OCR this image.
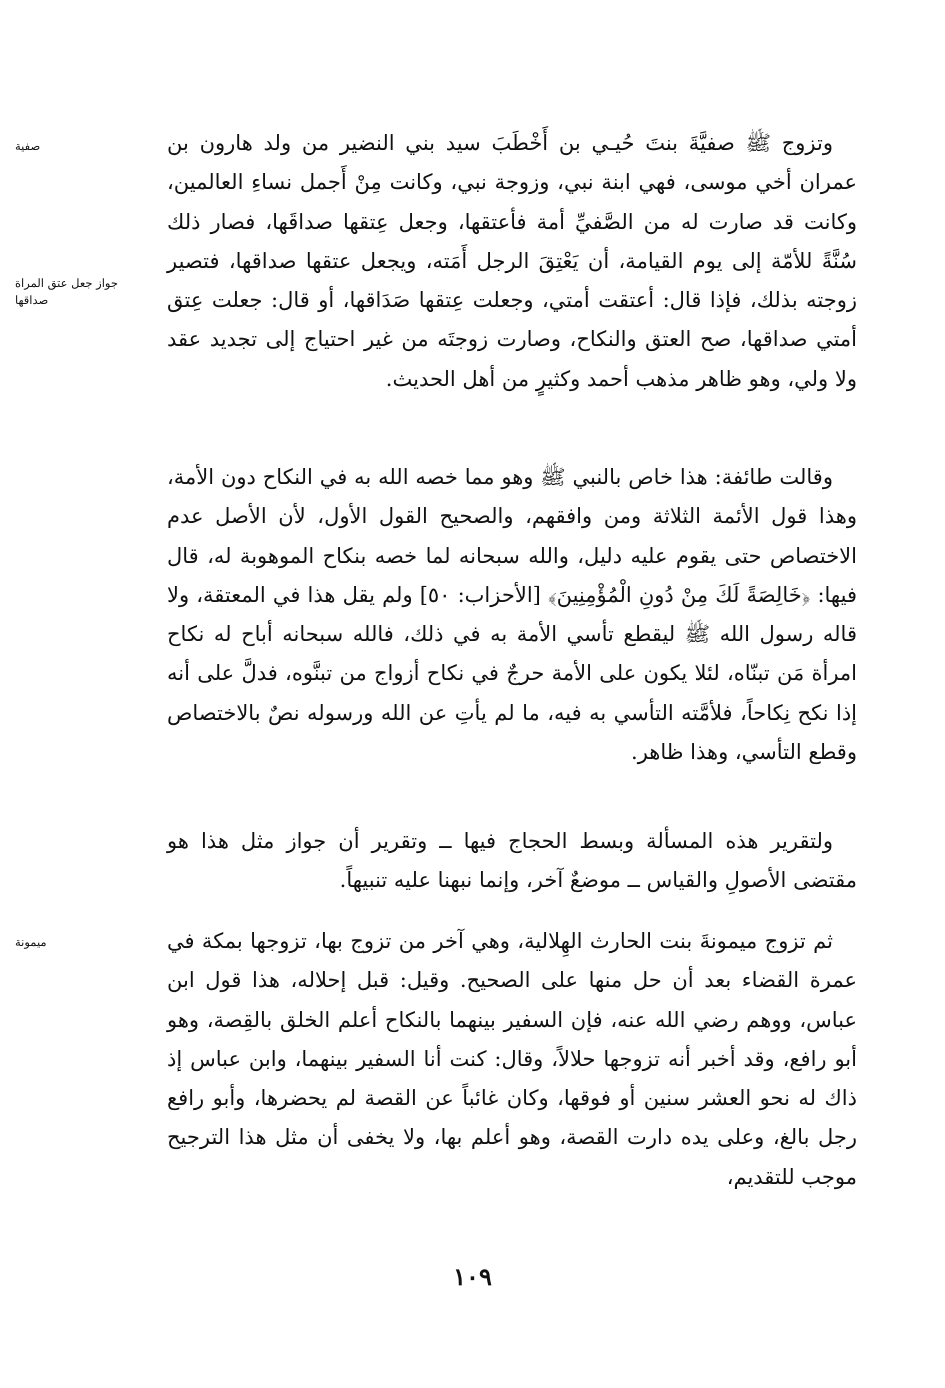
صفية
جواز جعل عتق المراة
صداقها
ميمونة

وتزوج ﷺ صفيَّةَ بنتَ حُيـي بن أَخْطَبَ سيد بني النضير من ولد هارون بن عمران أخي موسى، فهي ابنة نبي، وزوجة نبي، وكانت مِنْ أَجمل نساءِ العالمين، وكانت قد صارت له من الصَّفيِّ أمة فأعتقها، وجعل عِتقها صداقَها، فصار ذلك سُنَّةً للأمّة إلى يوم القيامة، أن يَعْتِقَ الرجل أَمَته، ويجعل عتقها صداقها، فتصير زوجته بذلك، فإذا قال: أعتقت أمتي، وجعلت عِتقها صَدَاقها، أو قال: جعلت عِتق أمتي صداقها، صح العتق والنكاح، وصارت زوجتَه من غير احتياج إلى تجديد عقد ولا ولي، وهو ظاهر مذهب أحمد وكثيرٍ من أهل الحديث.

وقالت طائفة: هذا خاص بالنبي ﷺ وهو مما خصه الله به في النكاح دون الأمة، وهذا قول الأئمة الثلاثة ومن وافقهم، والصحيح القول الأول، لأن الأصل عدم الاختصاص حتى يقوم عليه دليل، والله سبحانه لما خصه بنكاح الموهوبة له، قال فيها: ﴿خَالِصَةً لَكَ مِنْ دُونِ الْمُؤْمِنِينَ﴾ [الأحزاب: ٥٠] ولم يقل هذا في المعتقة، ولا قاله رسول الله ﷺ ليقطع تأسي الأمة به في ذلك، فالله سبحانه أباح له نكاح امرأة مَن تبنّاه، لئلا يكون على الأمة حرجٌ في نكاح أزواج من تبنَّوه، فدلَّ على أنه إذا نكح نِكاحاً، فلأمَّته التأسي به فيه، ما لم يأتِ عن الله ورسوله نصٌ بالاختصاص وقطع التأسي، وهذا ظاهر.

ولتقرير هذه المسألة وبسط الحجاج فيها ــ وتقرير أن جواز مثل هذا هو مقتضى الأصولِ والقياس ــ موضعٌ آخر، وإنما نبهنا عليه تنبيهاً.

ثم تزوج ميمونةَ بنت الحارث الهِلالية، وهي آخر من تزوج بها، تزوجها بمكة في عمرة القضاء بعد أن حل منها على الصحيح. وقيل: قبل إحلاله، هذا قول ابن عباس، ووهم رضي الله عنه، فإن السفير بينهما بالنكاح أعلم الخلق بالقِصة، وهو أبو رافع، وقد أخبر أنه تزوجها حلالاً، وقال: كنت أنا السفير بينهما، وابن عباس إذ ذاك له نحو العشر سنين أو فوقها، وكان غائباً عن القصة لم يحضرها، وأبو رافع رجل بالغ، وعلى يده دارت القصة، وهو أعلم بها، ولا يخفى أن مثل هذا الترجيح موجب للتقديم،

١٠٩
